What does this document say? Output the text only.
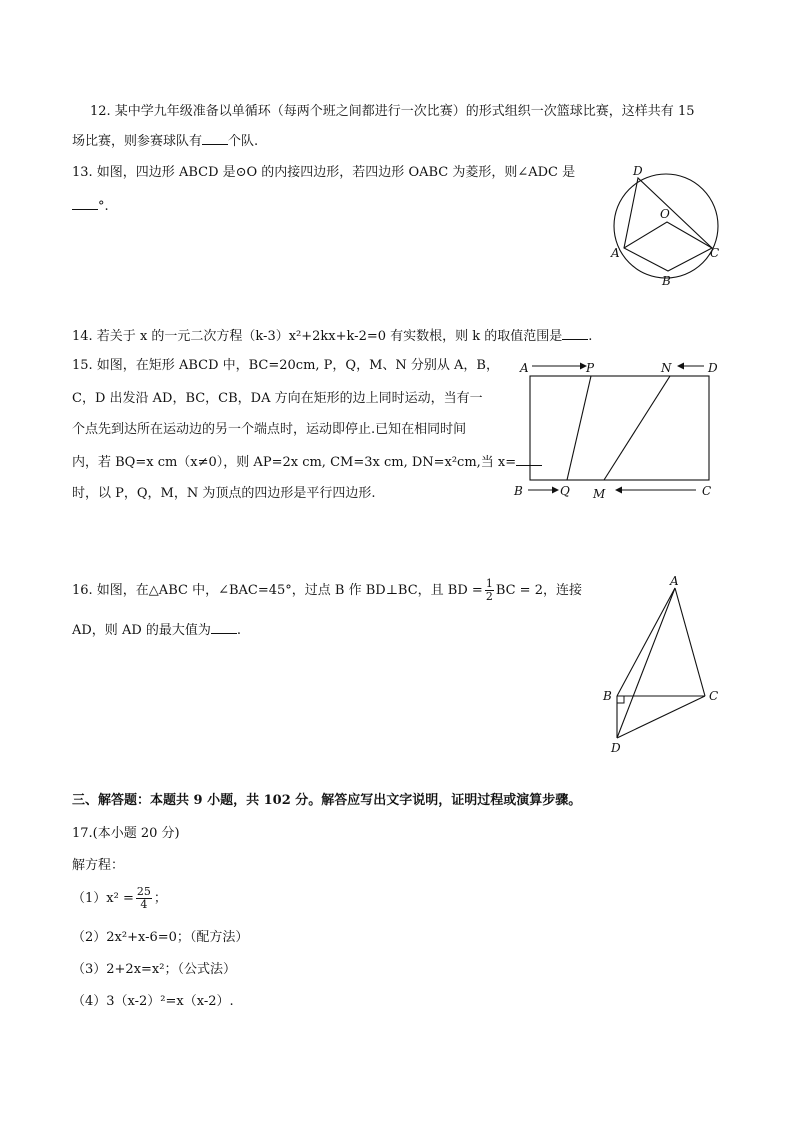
12. 某中学九年级准备以单循环（每两个班之间都进行一次比赛）的形式组织一次篮球比赛，这样共有 15
场比赛，则参赛球队有 个队.
13. 如图，四边形 ABCD 是⊙O 的内接四边形，若四边形 OABC 为菱形，则∠ADC 是
°.
D
O
A	C
B
14. 若关于 x 的一元二次方程（k-3）x²+2kx+k-2=0 有实数根，则 k 的取值范围是 .
15. 如图，在矩形 ABCD 中，BC=20cm, P，Q，M、N 分别从 A，B，
C，D 出发沿 AD，BC，CB，DA 方向在矩形的边上同时运动，当有一
个点先到达所在运动边的另一个端点时，运动即停止.已知在相同时间
内，若 BQ=x cm（x≠0），则 AP=2x cm, CM=3x cm, DN=x²cm,当 x=
时，以 P，Q，M，N 为顶点的四边形是平行四边形.
A	P	N	D
B	Q M	C
16. 如图，在△ABC 中，∠BAC=45°，过点 B 作 BD⊥BC，且 BD = $\frac{1}{2}$ BC = 2，连接
AD，则 AD 的最大值为 .
A
B	C
D
三、解答题：本题共 9 小题，共 102 分。解答应写出文字说明，证明过程或演算步骤。
17.(本小题 20 分)
解方程：
$(1)x^2 = \frac{25}{4}$ ；
（2）2x²+x-6=0；（配方法）
（3）2+2x=x²；（公式法）
（4）3（x-2）²=x（x-2）.
